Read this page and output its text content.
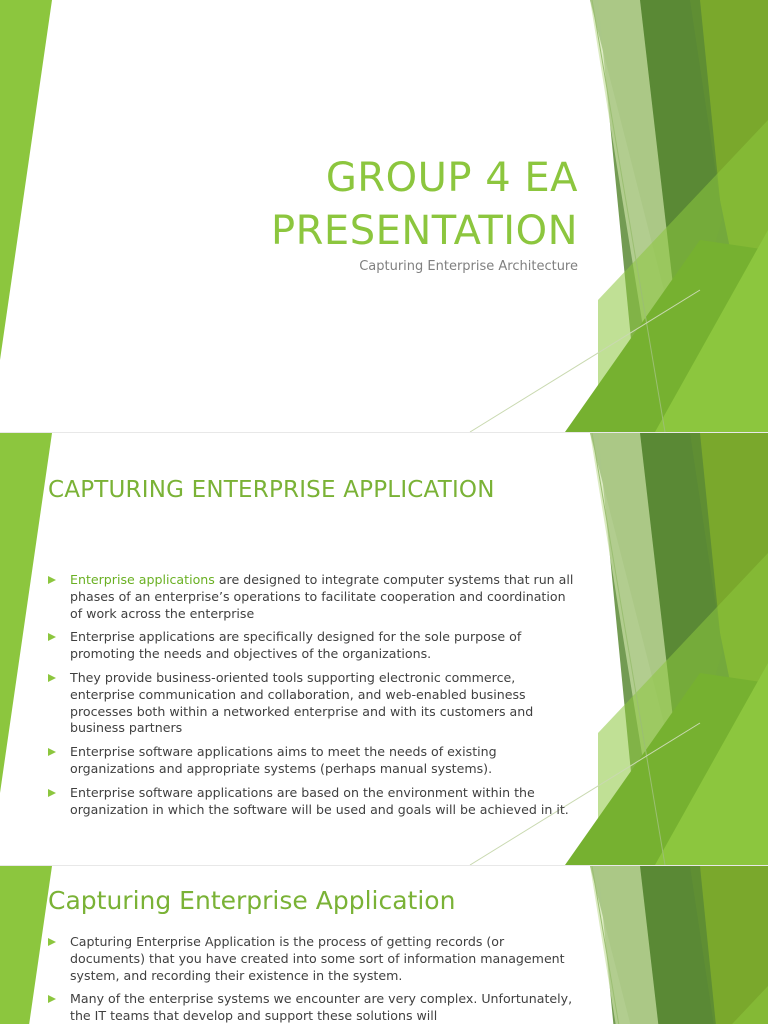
GROUP 4 EA
PRESENTATION
Capturing Enterprise Architecture
CAPTURING ENTERPRISE APPLICATION
Enterprise applications are designed to integrate computer systems that run all phases of an enterprise’s operations to facilitate cooperation and coordination of work across the enterprise
Enterprise applications are specifically designed for the sole purpose of promoting the needs and objectives of the organizations.
They provide business-oriented tools supporting electronic commerce, enterprise communication and collaboration, and web-enabled business processes both within a networked enterprise and with its customers and business partners
Enterprise software applications aims to meet the needs of existing organizations and appropriate systems (perhaps manual systems).
Enterprise software applications are based on the environment within the organization in which the software will be used and goals will be achieved in it.
Capturing Enterprise Application
Capturing Enterprise Application is the process of getting records (or documents) that you have created into some sort of information management system, and recording their existence in the system.
Many of the enterprise systems we encounter are very complex. Unfortunately, the IT teams that develop and support these solutions will
